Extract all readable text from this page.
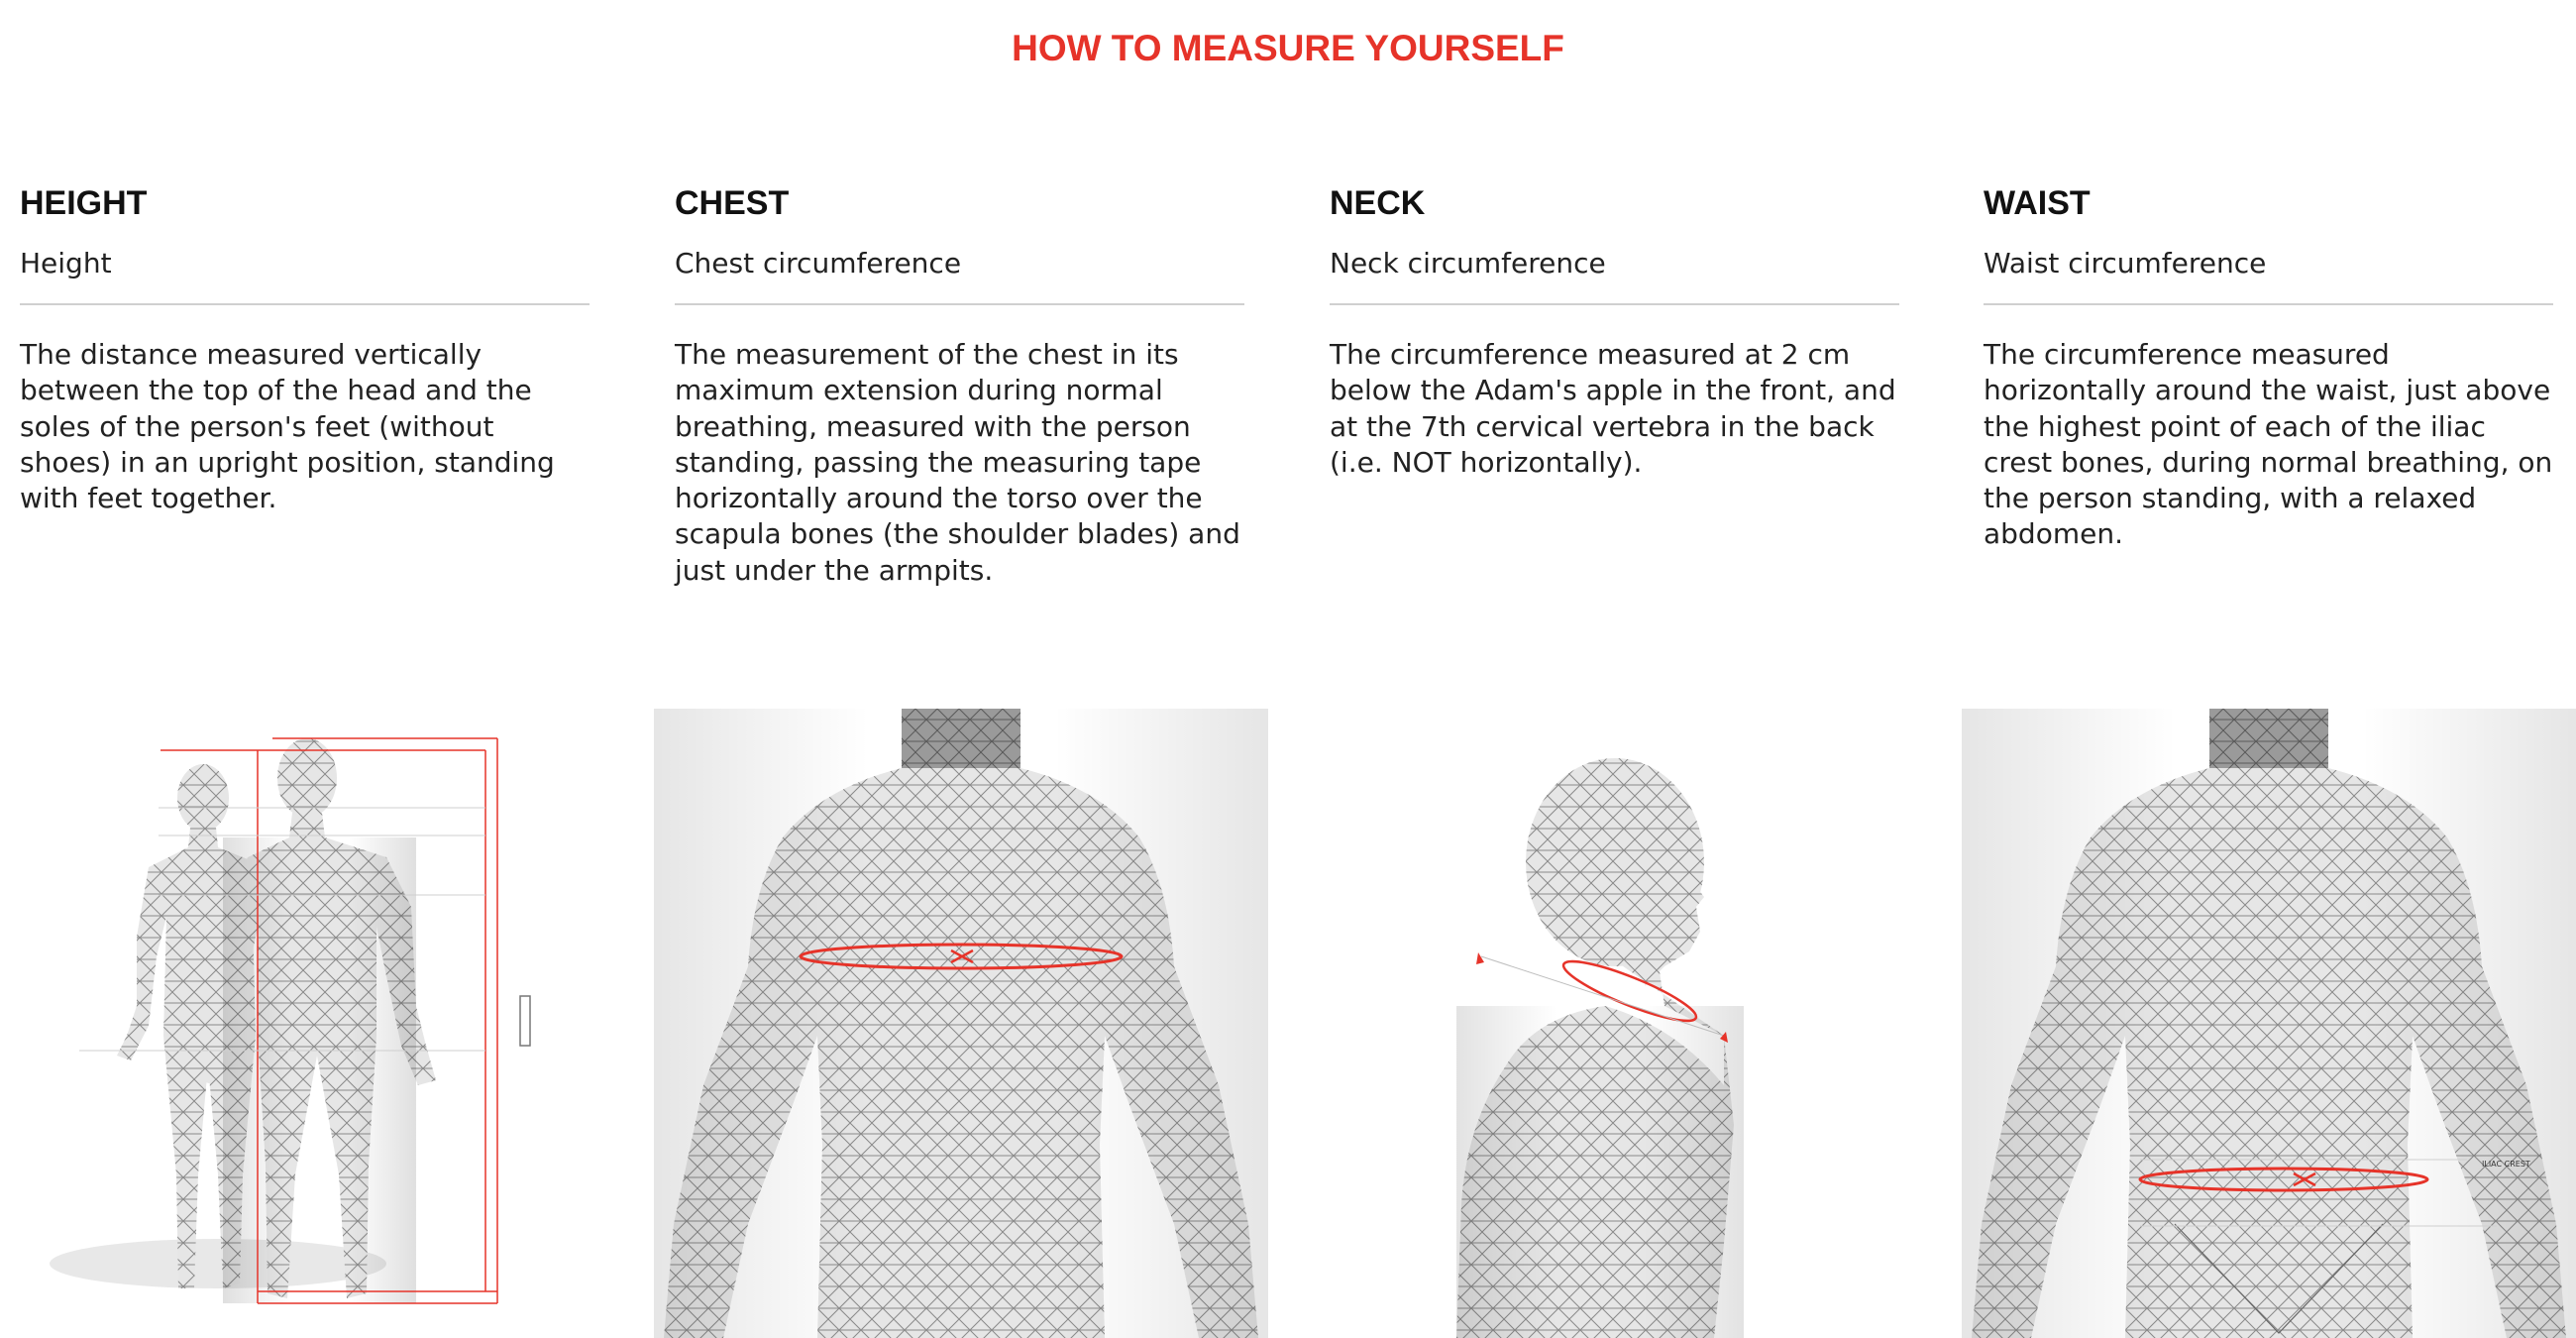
HOW TO MEASURE YOURSELF
HEIGHT
Height
The distance measured vertically between the top of the head and the soles of the person's feet (without shoes) in an upright position, standing with feet together.
CHEST
Chest circumference
The measurement of the chest in its maximum extension during normal breathing, measured with the person standing, passing the measuring tape horizontally around the torso over the scapula bones (the shoulder blades) and just under the armpits.
NECK
Neck circumference
The circumference measured at 2 cm below the Adam's apple in the front, and at the 7th cervical vertebra in the back (i.e. NOT horizontally).
WAIST
Waist circumference
The circumference measured horizontally around the waist, just above the highest point of each of the iliac crest bones, during normal breathing, on the person standing, with a relaxed abdomen.
ILIAC CREST
